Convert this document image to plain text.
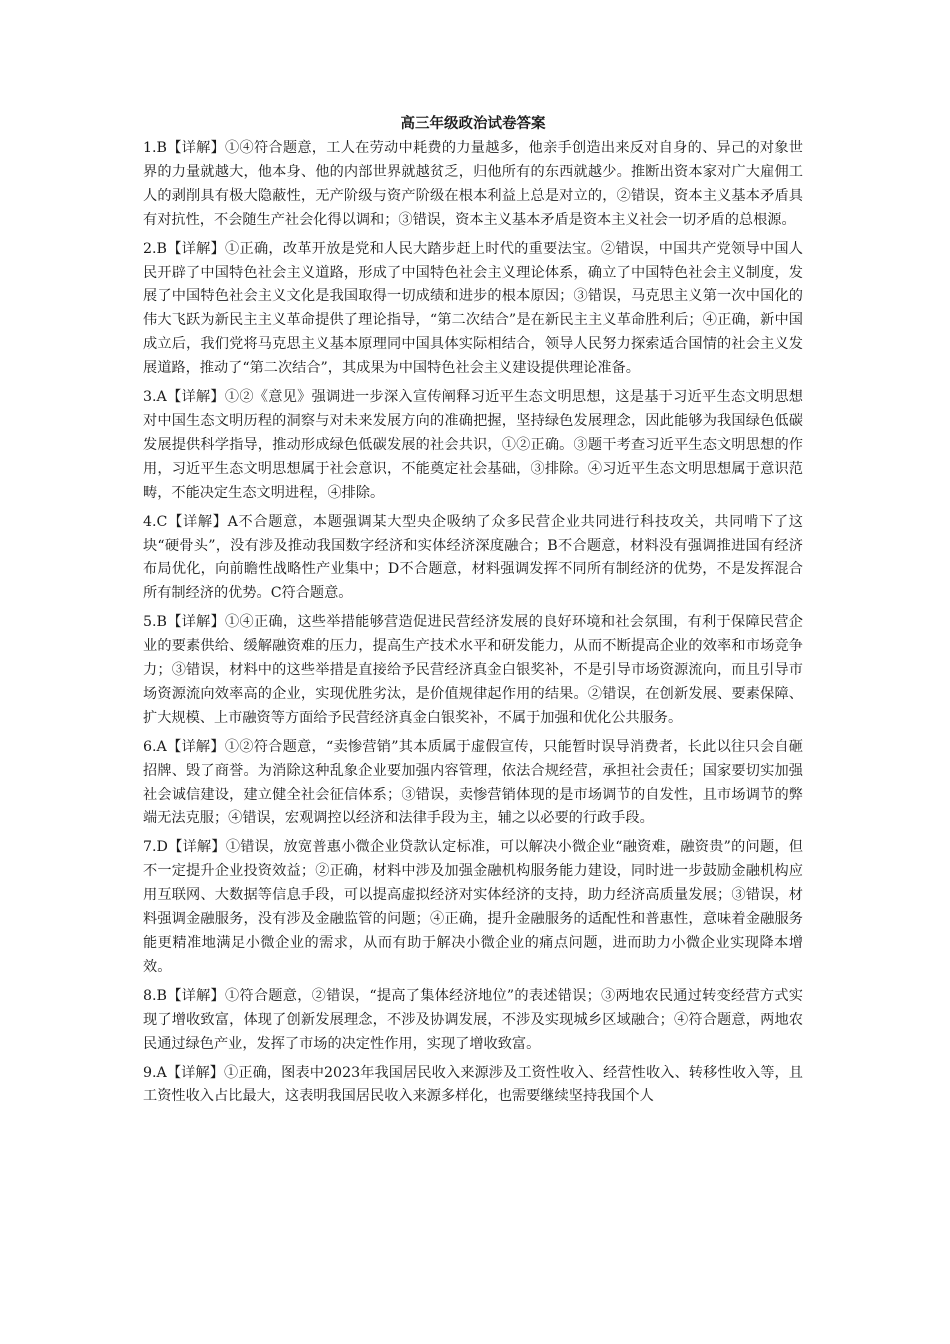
高三年级政治试卷答案
1.B【详解】①④符合题意，工人在劳动中耗费的力量越多，他亲手创造出来反对自身的、异己的对象世界的力量就越大，他本身、他的内部世界就越贫乏，归他所有的东西就越少。推断出资本家对广大雇佣工人的剥削具有极大隐蔽性，无产阶级与资产阶级在根本利益上总是对立的，②错误，资本主义基本矛盾具有对抗性，不会随生产社会化得以调和；③错误，资本主义基本矛盾是资本主义社会一切矛盾的总根源。
2.B【详解】①正确，改革开放是党和人民大踏步赶上时代的重要法宝。②错误，中国共产党领导中国人民开辟了中国特色社会主义道路，形成了中国特色社会主义理论体系，确立了中国特色社会主义制度，发展了中国特色社会主义文化是我国取得一切成绩和进步的根本原因；③错误，马克思主义第一次中国化的伟大飞跃为新民主主义革命提供了理论指导，“第二次结合”是在新民主主义革命胜利后；④正确，新中国成立后，我们党将马克思主义基本原理同中国具体实际相结合，领导人民努力探索适合国情的社会主义发展道路，推动了“第二次结合”，其成果为中国特色社会主义建设提供理论准备。
3.A【详解】①②《意见》强调进一步深入宣传阐释习近平生态文明思想，这是基于习近平生态文明思想对中国生态文明历程的洞察与对未来发展方向的准确把握，坚持绿色发展理念，因此能够为我国绿色低碳发展提供科学指导，推动形成绿色低碳发展的社会共识，①②正确。③题干考查习近平生态文明思想的作用，习近平生态文明思想属于社会意识，不能奠定社会基础，③排除。④习近平生态文明思想属于意识范畴，不能决定生态文明进程，④排除。
4.C【详解】A不合题意，本题强调某大型央企吸纳了众多民营企业共同进行科技攻关，共同啃下了这块“硬骨头”，没有涉及推动我国数字经济和实体经济深度融合；B不合题意，材料没有强调推进国有经济布局优化，向前瞻性战略性产业集中；D不合题意，材料强调发挥不同所有制经济的优势，不是发挥混合所有制经济的优势。C符合题意。
5.B【详解】①④正确，这些举措能够营造促进民营经济发展的良好环境和社会氛围，有利于保障民营企业的要素供给、缓解融资难的压力，提高生产技术水平和研发能力，从而不断提高企业的效率和市场竞争力；③错误，材料中的这些举措是直接给予民营经济真金白银奖补，不是引导市场资源流向，而且引导市场资源流向效率高的企业，实现优胜劣汰，是价值规律起作用的结果。②错误，在创新发展、要素保障、扩大规模、上市融资等方面给予民营经济真金白银奖补，不属于加强和优化公共服务。
6.A【详解】①②符合题意，“卖惨营销”其本质属于虚假宣传，只能暂时误导消费者，长此以往只会自砸招牌、毁了商誉。为消除这种乱象企业要加强内容管理，依法合规经营，承担社会责任；国家要切实加强社会诚信建设，建立健全社会征信体系；③错误，卖惨营销体现的是市场调节的自发性，且市场调节的弊端无法克服；④错误，宏观调控以经济和法律手段为主，辅之以必要的行政手段。
7.D【详解】①错误，放宽普惠小微企业贷款认定标准，可以解决小微企业“融资难，融资贵”的问题，但不一定提升企业投资效益；②正确，材料中涉及加强金融机构服务能力建设，同时进一步鼓励金融机构应用互联网、大数据等信息手段，可以提高虚拟经济对实体经济的支持，助力经济高质量发展；③错误，材料强调金融服务，没有涉及金融监管的问题；④正确，提升金融服务的适配性和普惠性，意味着金融服务能更精准地满足小微企业的需求，从而有助于解决小微企业的痛点问题，进而助力小微企业实现降本增效。
8.B【详解】①符合题意，②错误，“提高了集体经济地位”的表述错误；③两地农民通过转变经营方式实现了增收致富，体现了创新发展理念，不涉及协调发展，不涉及实现城乡区域融合；④符合题意，两地农民通过绿色产业，发挥了市场的决定性作用，实现了增收致富。
9.A【详解】①正确，图表中2023年我国居民收入来源涉及工资性收入、经营性收入、转移性收入等，且工资性收入占比最大，这表明我国居民收入来源多样化，也需要继续坚持我国个人
